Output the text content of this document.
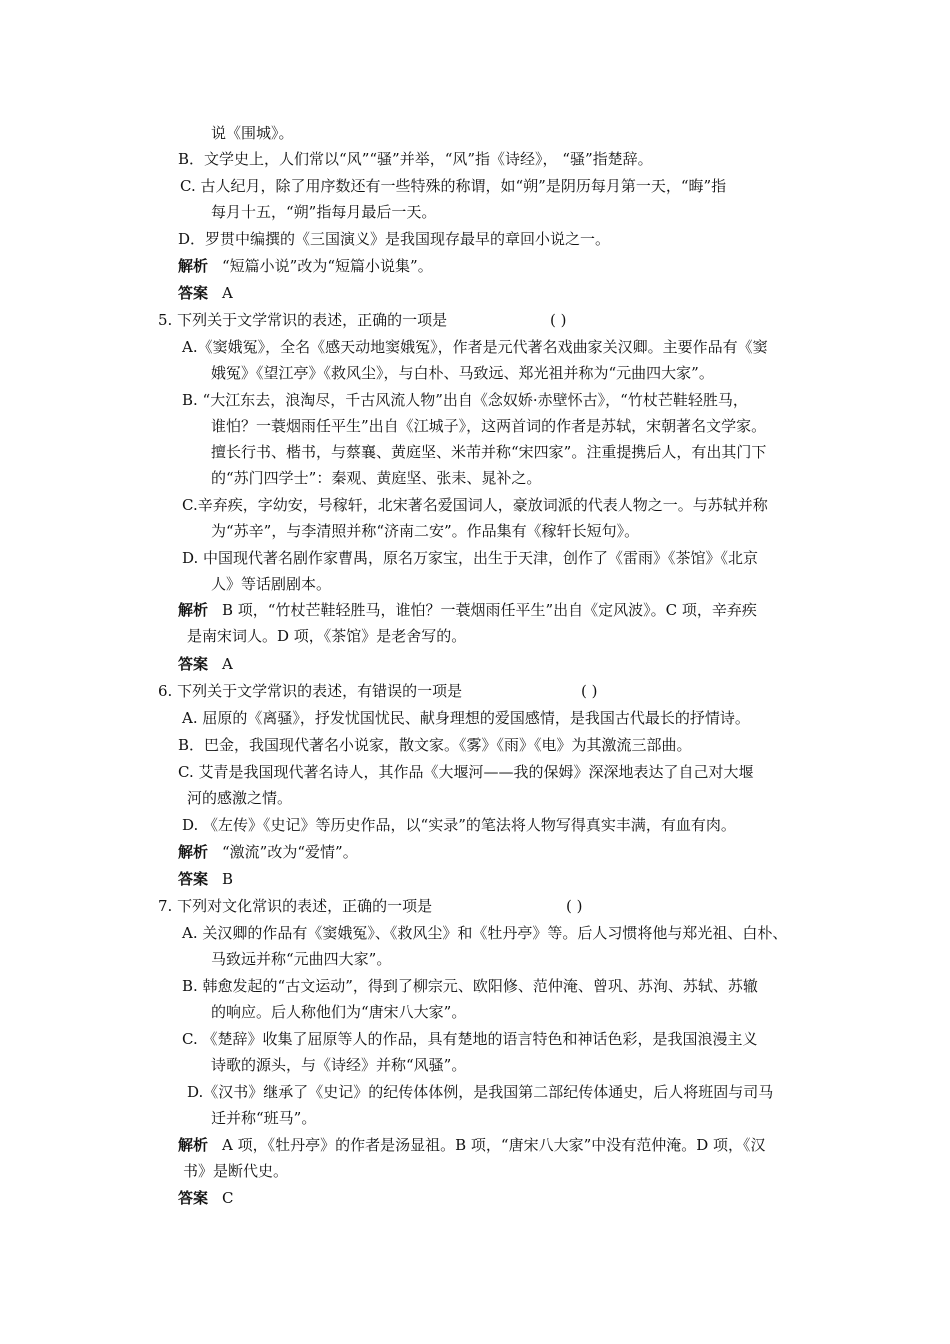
说《围城》。
B．文学史上，人们常以“风”“骚”并举，“风”指《诗经》， “骚”指楚辞。
C. 古人纪月，除了用序数还有一些特殊的称谓，如“朔”是阴历每月第一天，“晦”指
每月十五，“朔”指每月最后一天。
D．罗贯中编撰的《三国演义》是我国现存最早的章回小说之一。
解析 “短篇小说”改为“短篇小说集”。
答案 A
5. 下列关于文学常识的表述，正确的一项是	( )
A.《窦娥冤》，全名《感天动地窦娥冤》，作者是元代著名戏曲家关汉卿。主要作品有《窦
娥冤》《望江亭》《救风尘》，与白朴、马致远、郑光祖并称为“元曲四大家”。
B. “大江东去，浪淘尽，千古风流人物”出自《念奴娇·赤壁怀古》，“竹杖芒鞋轻胜马，
谁怕？一蓑烟雨任平生”出自《江城子》，这两首词的作者是苏轼，宋朝著名文学家。
擅长行书、楷书，与蔡襄、黄庭坚、米芾并称“宋四家”。注重提携后人，有出其门下
的“苏门四学士”：秦观、黄庭坚、张耒、晁补之。
C.辛弃疾，字幼安，号稼轩，北宋著名爱国词人，豪放词派的代表人物之一。与苏轼并称
为“苏辛”，与李清照并称“济南二安”。作品集有《稼轩长短句》。
D. 中国现代著名剧作家曹禺，原名万家宝，出生于天津，创作了《雷雨》《茶馆》《北京
人》等话剧剧本。
解析 B 项，“竹杖芒鞋轻胜马，谁怕？一蓑烟雨任平生”出自《定风波》。C 项，辛弃疾
是南宋词人。D 项，《茶馆》是老舍写的。
答案 A
6. 下列关于文学常识的表述，有错误的一项是	( )
A. 屈原的《离骚》，抒发忧国忧民、献身理想的爱国感情，是我国古代最长的抒情诗。
B．巴金，我国现代著名小说家，散文家。《雾》《雨》《电》为其激流三部曲。
C. 艾青是我国现代著名诗人，其作品《大堰河——我的保姆》深深地表达了自己对大堰
河的感激之情。
D. 《左传》《史记》等历史作品，以“实录”的笔法将人物写得真实丰满，有血有肉。
解析 “激流”改为“爱情”。
答案 B
7. 下列对文化常识的表述，正确的一项是	( )
A. 关汉卿的作品有《窦娥冤》、《救风尘》和《牡丹亭》等。后人习惯将他与郑光祖、白朴、
马致远并称“元曲四大家”。
B. 韩愈发起的“古文运动”，得到了柳宗元、欧阳修、范仲淹、曾巩、苏洵、苏轼、苏辙
的响应。后人称他们为“唐宋八大家”。
C. 《楚辞》收集了屈原等人的作品，具有楚地的语言特色和神话色彩，是我国浪漫主义
诗歌的源头，与《诗经》并称“风骚”。
D.《汉书》继承了《史记》的纪传体体例，是我国第二部纪传体通史，后人将班固与司马
迁并称“班马”。
解析 A 项，《牡丹亭》的作者是汤显祖。B 项，“唐宋八大家”中没有范仲淹。D 项，《汉
书》是断代史。
答案 C
